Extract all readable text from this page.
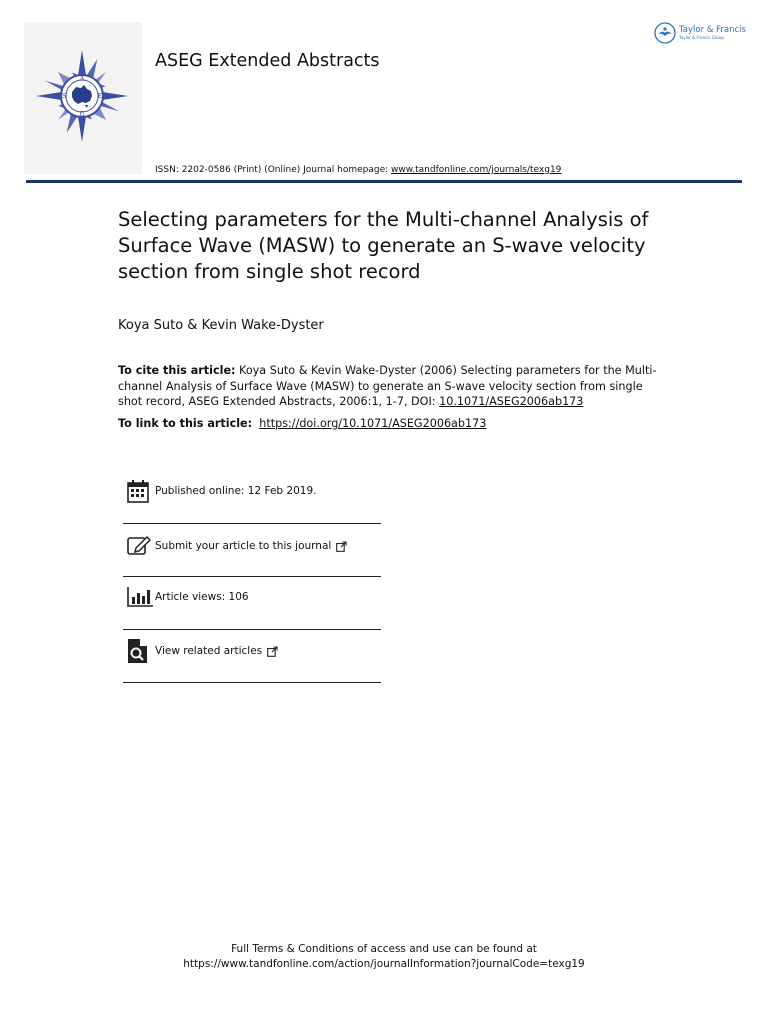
A
S	E
G
ASEG Extended Abstracts
Taylor & Francis
Taylor & Francis Group
ISSN: 2202-0586 (Print) (Online) Journal homepage: www.tandfonline.com/journals/texg19
Selecting parameters for the Multi-channel Analysis of Surface Wave (MASW) to generate an S-wave velocity section from single shot record
Koya Suto & Kevin Wake-Dyster
To cite this article: Koya Suto & Kevin Wake-Dyster (2006) Selecting parameters for the Multi-channel Analysis of Surface Wave (MASW) to generate an S-wave velocity section from single shot record, ASEG Extended Abstracts, 2006:1, 1-7, DOI: 10.1071/ASEG2006ab173
To link to this article: https://doi.org/10.1071/ASEG2006ab173
Published online: 12 Feb 2019.
Submit your article to this journal
Article views: 106
View related articles
Full Terms & Conditions of access and use can be found at
https://www.tandfonline.com/action/journalInformation?journalCode=texg19
